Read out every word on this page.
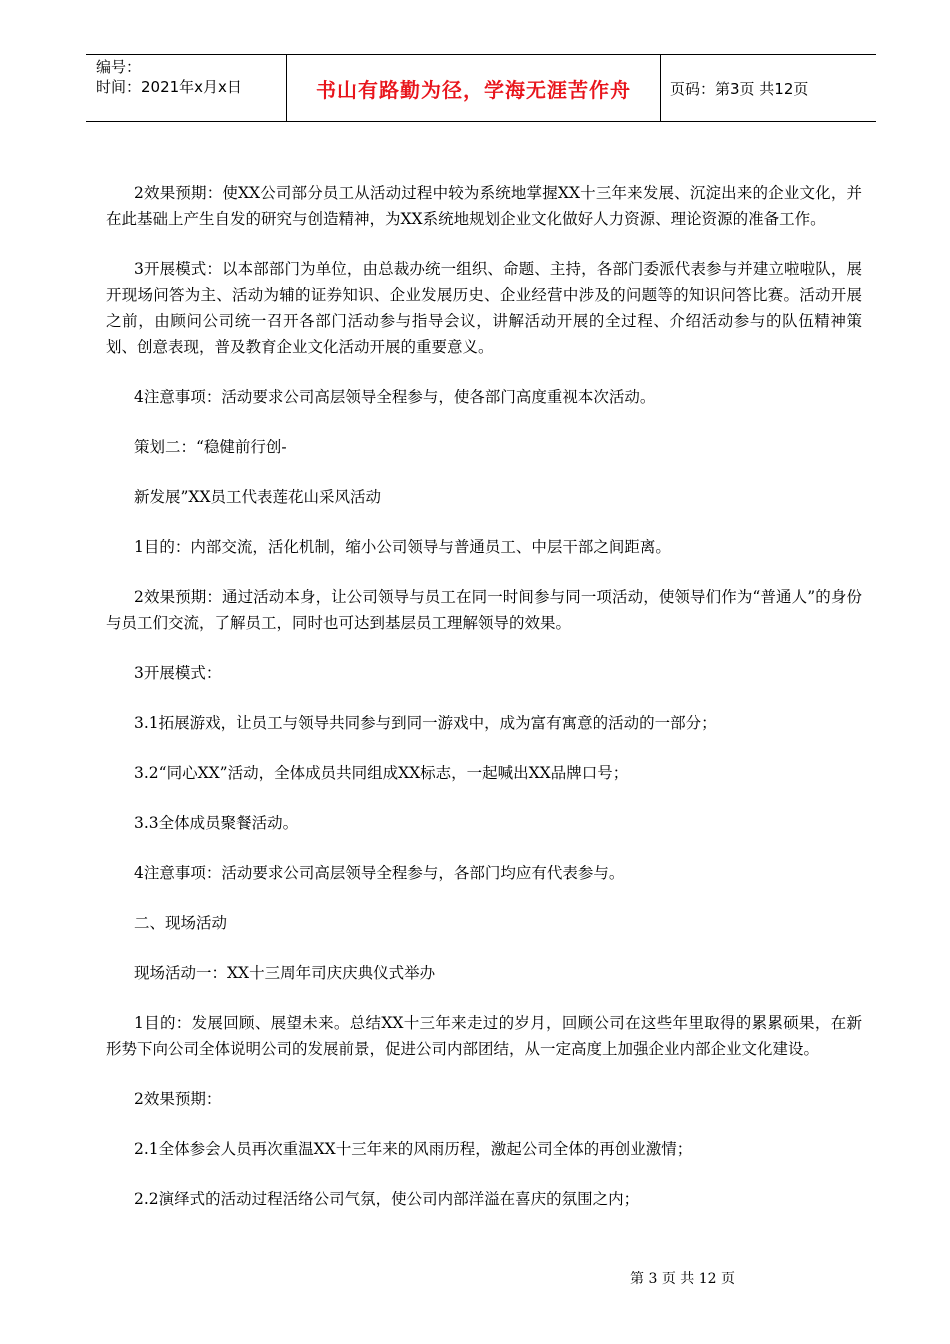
编号：
时间：2021年x月x日	书山有路勤为径，学海无涯苦作舟	页码：第3页 共12页

2效果预期：使XX公司部分员工从活动过程中较为系统地掌握XX十三年来发展、沉淀出来的企业文化，并在此基础上产生自发的研究与创造精神，为XX系统地规划企业文化做好人力资源、理论资源的准备工作。

3开展模式：以本部部门为单位，由总裁办统一组织、命题、主持，各部门委派代表参与并建立啦啦队，展开现场问答为主、活动为辅的证券知识、企业发展历史、企业经营中涉及的问题等的知识问答比赛。活动开展之前，由顾问公司统一召开各部门活动参与指导会议，讲解活动开展的全过程、介绍活动参与的队伍精神策划、创意表现，普及教育企业文化活动开展的重要意义。

4注意事项：活动要求公司高层领导全程参与，使各部门高度重视本次活动。

策划二：“稳健前行创-

新发展”XX员工代表莲花山采风活动

1目的：内部交流，活化机制，缩小公司领导与普通员工、中层干部之间距离。

2效果预期：通过活动本身，让公司领导与员工在同一时间参与同一项活动，使领导们作为“普通人”的身份与员工们交流，了解员工，同时也可达到基层员工理解领导的效果。

3开展模式：

3.1拓展游戏，让员工与领导共同参与到同一游戏中，成为富有寓意的活动的一部分；

3.2“同心XX”活动，全体成员共同组成XX标志，一起喊出XX品牌口号；

3.3全体成员聚餐活动。

4注意事项：活动要求公司高层领导全程参与，各部门均应有代表参与。

二、现场活动

现场活动一：XX十三周年司庆庆典仪式举办

1目的：发展回顾、展望未来。总结XX十三年来走过的岁月，回顾公司在这些年里取得的累累硕果，在新形势下向公司全体说明公司的发展前景，促进公司内部团结，从一定高度上加强企业内部企业文化建设。

2效果预期：

2.1全体参会人员再次重温XX十三年来的风雨历程，激起公司全体的再创业激情；

2.2演绎式的活动过程活络公司气氛，使公司内部洋溢在喜庆的氛围之内；

第 3 页 共 12 页
